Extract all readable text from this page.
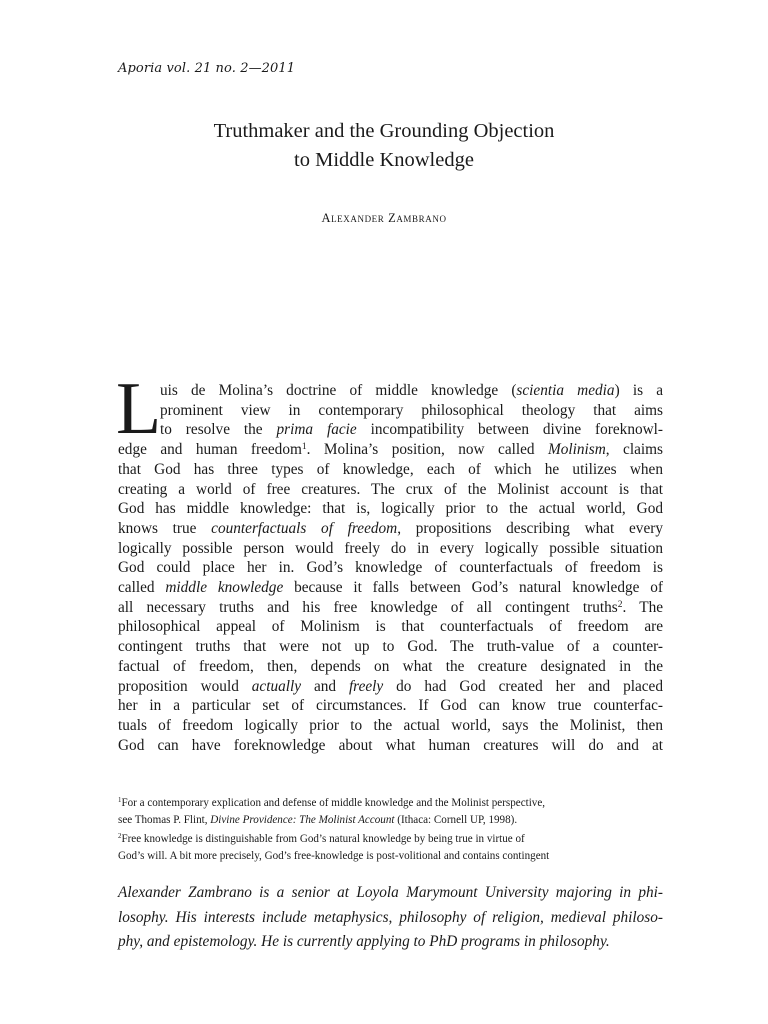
Aporia vol. 21 no. 2—2011
Truthmaker and the Grounding Objection
to Middle Knowledge
Alexander Zambrano
L
uis de Molina’s doctrine of middle knowledge (scientia media) is a
prominent view in contemporary philosophical theology that aims
to resolve the prima facie incompatibility between divine foreknowl-
edge and human freedom$^1$. Molina’s position, now called Molinism, claims
that God has three types of knowledge, each of which he utilizes when
creating a world of free creatures. The crux of the Molinist account is that
God has middle knowledge: that is, logically prior to the actual world, God
knows true counterfactuals of freedom, propositions describing what every
logically possible person would freely do in every logically possible situation
God could place her in. God’s knowledge of counterfactuals of freedom is
called middle knowledge because it falls between God’s natural knowledge of
all necessary truths and his free knowledge of all contingent truths$^2$. The
philosophical appeal of Molinism is that counterfactuals of freedom are
contingent truths that were not up to God. The truth-value of a counter-
factual of freedom, then, depends on what the creature designated in the
proposition would actually and freely do had God created her and placed
her in a particular set of circumstances. If God can know true counterfac-
tuals of freedom logically prior to the actual world, says the Molinist, then
God can have foreknowledge about what human creatures will do and at
$^1$For a contemporary explication and defense of middle knowledge and the Molinist perspective,
see Thomas P. Flint, Divine Providence: The Molinist Account (Ithaca: Cornell UP, 1998).
$^2$Free knowledge is distinguishable from God’s natural knowledge by being true in virtue of
God’s will. A bit more precisely, God’s free-knowledge is post-volitional and contains contingent
Alexander Zambrano is a senior at Loyola Marymount University majoring in phi-
losophy. His interests include metaphysics, philosophy of religion, medieval philoso-
phy, and epistemology. He is currently applying to PhD programs in philosophy.
